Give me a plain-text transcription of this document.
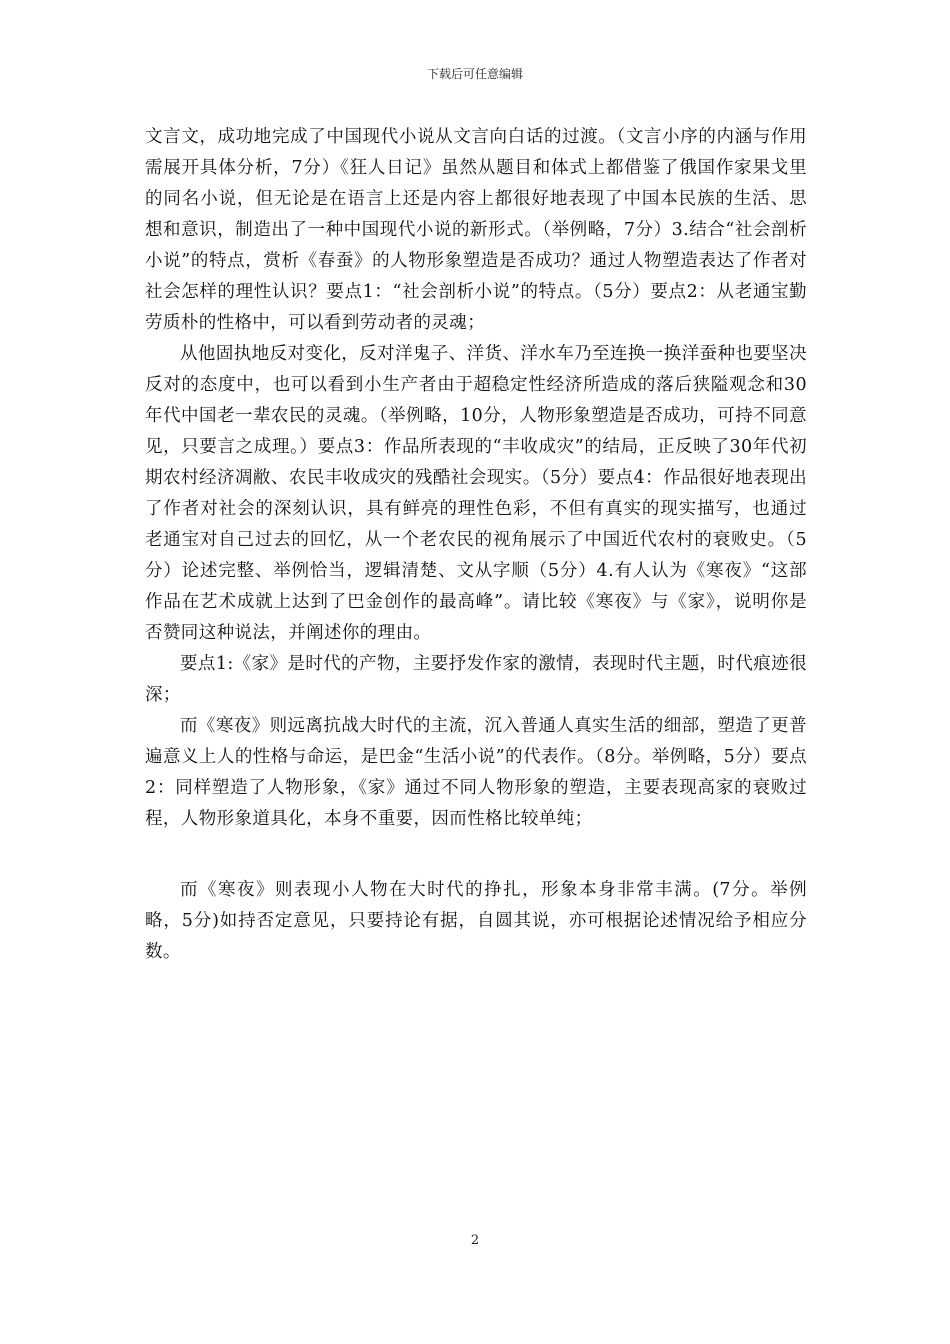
下载后可任意编辑

文言文，成功地完成了中国现代小说从文言向白话的过渡。（文言小序的内涵与作用需展开具体分析，7分）《狂人日记》虽然从题目和体式上都借鉴了俄国作家果戈里的同名小说，但无论是在语言上还是内容上都很好地表现了中国本民族的生活、思想和意识，制造出了一种中国现代小说的新形式。（举例略，7分）3.结合“社会剖析小说”的特点，赏析《春蚕》的人物形象塑造是否成功？通过人物塑造表达了作者对社会怎样的理性认识？要点1：“社会剖析小说”的特点。（5分）要点2：从老通宝勤劳质朴的性格中，可以看到劳动者的灵魂；

从他固执地反对变化，反对洋鬼子、洋货、洋水车乃至连换一换洋蚕种也要坚决反对的态度中，也可以看到小生产者由于超稳定性经济所造成的落后狭隘观念和30年代中国老一辈农民的灵魂。（举例略，10分，人物形象塑造是否成功，可持不同意见，只要言之成理。）要点3：作品所表现的“丰收成灾”的结局，正反映了30年代初期农村经济凋敝、农民丰收成灾的残酷社会现实。（5分）要点4：作品很好地表现出了作者对社会的深刻认识，具有鲜亮的理性色彩，不但有真实的现实描写，也通过老通宝对自己过去的回忆，从一个老农民的视角展示了中国近代农村的衰败史。（5分）论述完整、举例恰当，逻辑清楚、文从字顺（5分）4.有人认为《寒夜》“这部作品在艺术成就上达到了巴金创作的最高峰”。请比较《寒夜》与《家》，说明你是否赞同这种说法，并阐述你的理由。

要点1:《家》是时代的产物，主要抒发作家的激情，表现时代主题，时代痕迹很深；

而《寒夜》则远离抗战大时代的主流，沉入普通人真实生活的细部，塑造了更普遍意义上人的性格与命运，是巴金“生活小说”的代表作。（8分。举例略，5分）要点2：同样塑造了人物形象，《家》通过不同人物形象的塑造，主要表现高家的衰败过程，人物形象道具化，本身不重要，因而性格比较单纯；

而《寒夜》则表现小人物在大时代的挣扎，形象本身非常丰满。(7分。举例略，5分)如持否定意见，只要持论有据，自圆其说，亦可根据论述情况给予相应分数。

2
